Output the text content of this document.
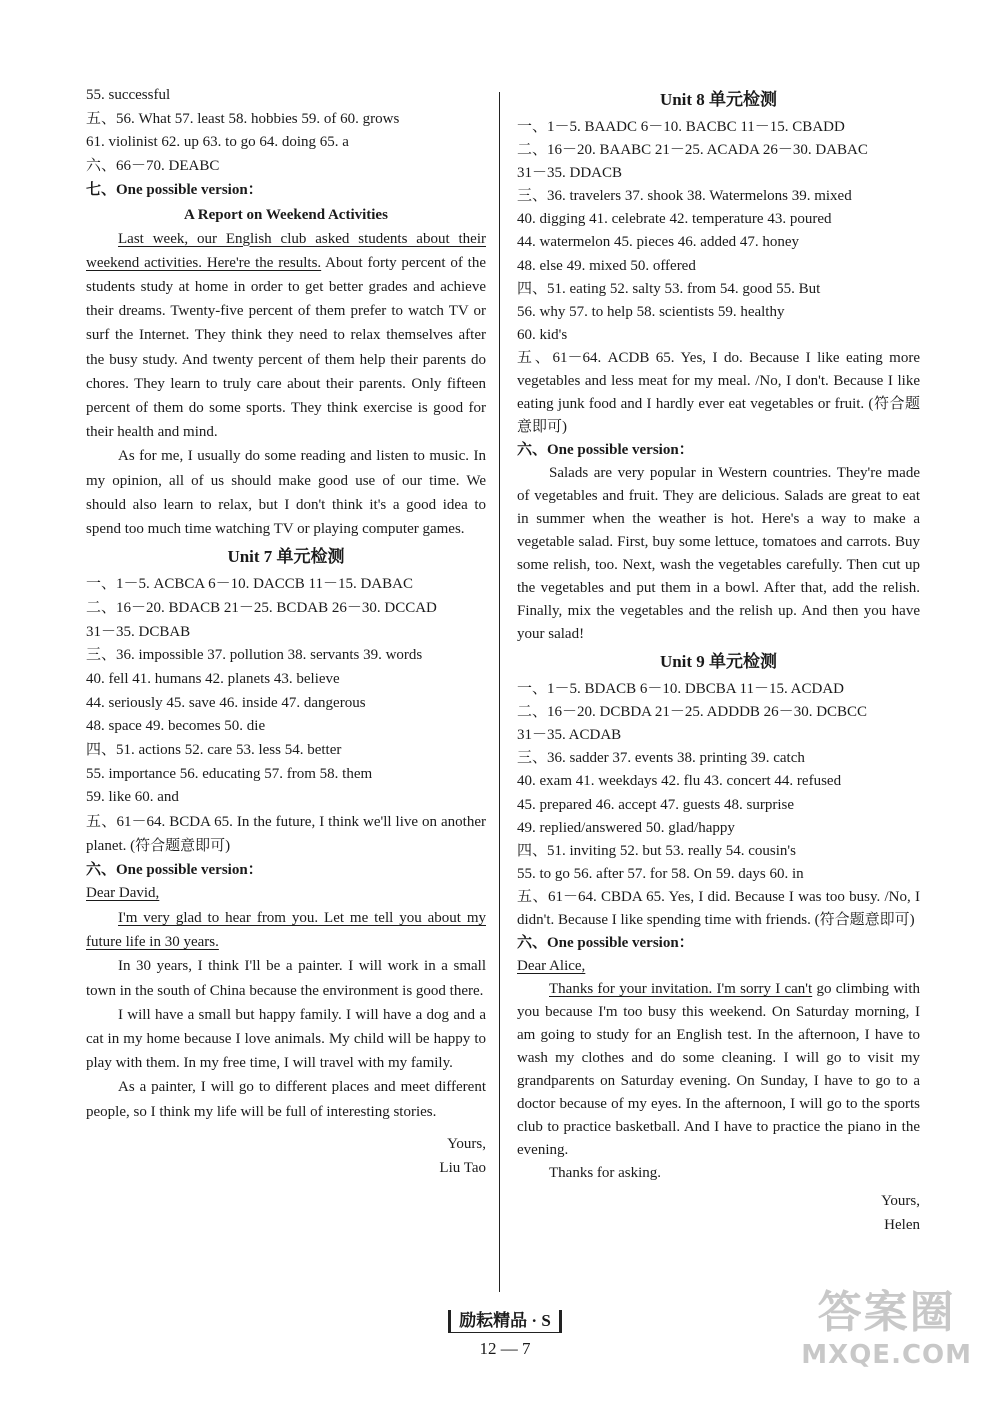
55. successful
五、56. What 57. least 58. hobbies 59. of 60. grows
61. violinist 62. up 63. to go 64. doing 65. a
六、66－70. DEABC
七、One possible version：
A Report on Weekend Activities
Last week, our English club asked students about their weekend activities. Here're the results. About forty percent of the students study at home in order to get better grades and achieve their dreams. Twenty-five percent of them prefer to watch TV or surf the Internet. They think they need to relax themselves after the busy study. And twenty percent of them help their parents do chores. They learn to truly care about their parents. Only fifteen percent of them do some sports. They think exercise is good for their health and mind.
As for me, I usually do some reading and listen to music. In my opinion, all of us should make good use of our time. We should also learn to relax, but I don't think it's a good idea to spend too much time watching TV or playing computer games.
Unit 7 单元检测
一、1－5. ACBCA 6－10. DACCB 11－15. DABAC
二、16－20. BDACB 21－25. BCDAB 26－30. DCCAD
31－35. DCBAB
三、36. impossible 37. pollution 38. servants 39. words
40. fell 41. humans 42. planets 43. believe
44. seriously 45. save 46. inside 47. dangerous
48. space 49. becomes 50. die
四、51. actions 52. care 53. less 54. better
55. importance 56. educating 57. from 58. them
59. like 60. and
五、61－64. BCDA 65. In the future, I think we'll live on another planet. (符合题意即可)
六、One possible version：
Dear David,
I'm very glad to hear from you. Let me tell you about my future life in 30 years.
In 30 years, I think I'll be a painter. I will work in a small town in the south of China because the environment is good there.
I will have a small but happy family. I will have a dog and a cat in my home because I love animals. My child will be happy to play with them. In my free time, I will travel with my family.
As a painter, I will go to different places and meet different people, so I think my life will be full of interesting stories.
Yours,
Liu Tao
Unit 8 单元检测
一、1－5. BAADC 6－10. BACBC 11－15. CBADD
二、16－20. BAABC 21－25. ACADA 26－30. DABAC
31－35. DDACB
三、36. travelers 37. shook 38. Watermelons 39. mixed
40. digging 41. celebrate 42. temperature 43. poured
44. watermelon 45. pieces 46. added 47. honey
48. else 49. mixed 50. offered
四、51. eating 52. salty 53. from 54. good 55. But
56. why 57. to help 58. scientists 59. healthy
60. kid's
五、61－64. ACDB 65. Yes, I do. Because I like eating more vegetables and less meat for my meal. /No, I don't. Because I like eating junk food and I hardly ever eat vegetables or fruit. (符合题意即可)
六、One possible version：
Salads are very popular in Western countries. They're made of vegetables and fruit. They are delicious. Salads are great to eat in summer when the weather is hot. Here's a way to make a vegetable salad. First, buy some lettuce, tomatoes and carrots. Buy some relish, too. Next, wash the vegetables carefully. Then cut up the vegetables and put them in a bowl. After that, add the relish. Finally, mix the vegetables and the relish up. And then you have your salad!
Unit 9 单元检测
一、1－5. BDACB 6－10. DBCBA 11－15. ACDAD
二、16－20. DCBDA 21－25. ADDDB 26－30. DCBCC
31－35. ACDAB
三、36. sadder 37. events 38. printing 39. catch
40. exam 41. weekdays 42. flu 43. concert 44. refused
45. prepared 46. accept 47. guests 48. surprise
49. replied/answered 50. glad/happy
四、51. inviting 52. but 53. really 54. cousin's
55. to go 56. after 57. for 58. On 59. days 60. in
五、61－64. CBDA 65. Yes, I did. Because I was too busy. /No, I didn't. Because I like spending time with friends. (符合题意即可)
六、One possible version：
Dear Alice,
Thanks for your invitation. I'm sorry I can't go climbing with you because I'm too busy this weekend. On Saturday morning, I am going to study for an English test. In the afternoon, I have to wash my clothes and do some cleaning. I will go to visit my grandparents on Saturday evening. On Sunday, I have to go to a doctor because of my eyes. In the afternoon, I will go to the sports club to practice basketball. And I have to practice the piano in the evening.
Thanks for asking.
Yours,
Helen
励耘精品 · S
12 — 7
答案圈
MXQE.COM
